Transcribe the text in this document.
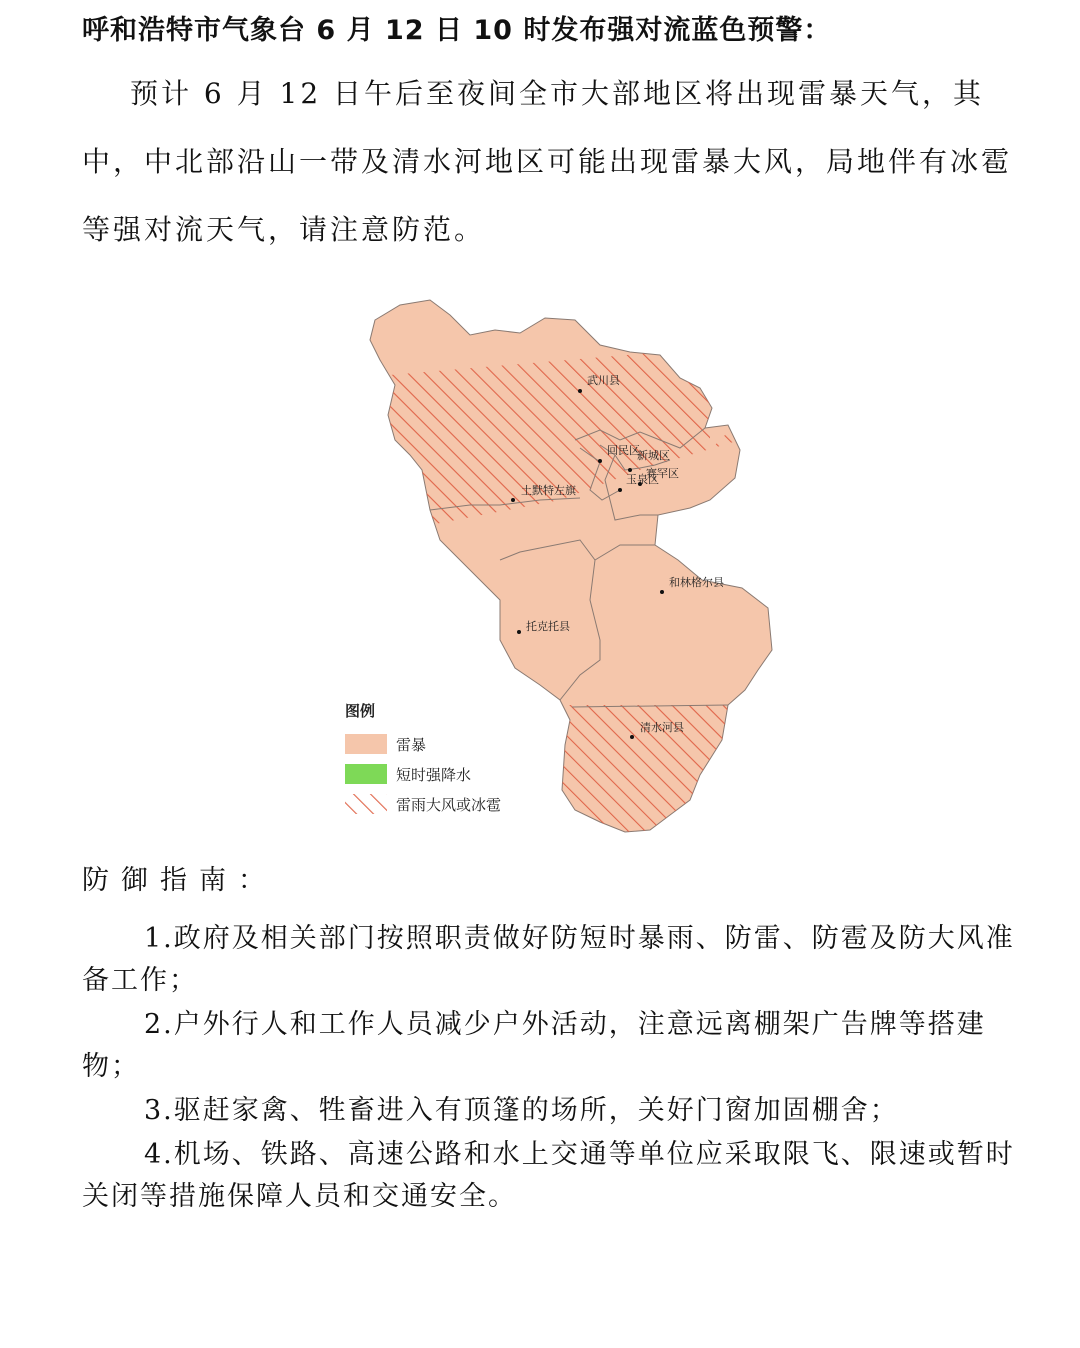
呼和浩特市气象台 6 月 12 日 10 时发布强对流蓝色预警：

预计 6 月 12 日午后至夜间全市大部地区将出现雷暴天气，其中，中北部沿山一带及清水河地区可能出现雷暴大风，局地伴有冰雹等强对流天气，请注意防范。

武川县
回民区
新城区
赛罕区
玉泉区
土默特左旗
和林格尔县
托克托县
清水河县
图例
雷暴
短时强降水
雷雨大风或冰雹
防御指南：
1.政府及相关部门按照职责做好防短时暴雨、防雷、防雹及防大风准备工作；
2.户外行人和工作人员减少户外活动，注意远离棚架广告牌等搭建物；
3.驱赶家禽、牲畜进入有顶篷的场所，关好门窗加固棚舍；
4.机场、铁路、高速公路和水上交通等单位应采取限飞、限速或暂时关闭等措施保障人员和交通安全。
